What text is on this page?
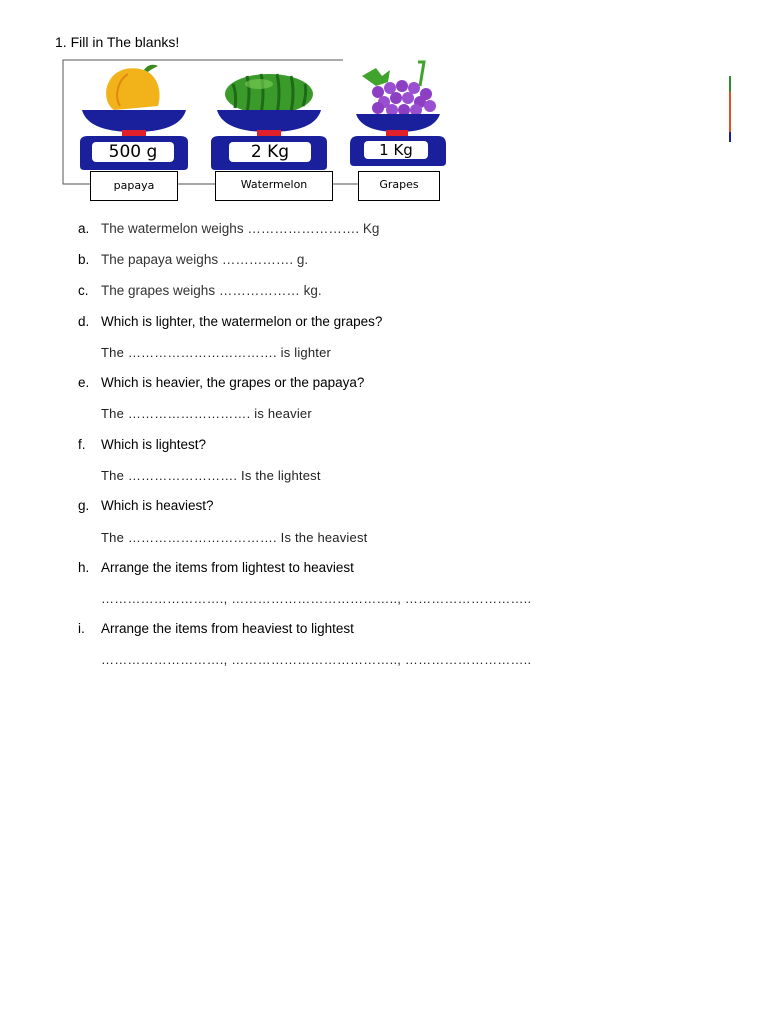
1. Fill in The blanks!
500 g	2 Kg	1 Kg
papaya	Watermelon	Grapes
a. The watermelon weighs ……………………. Kg
b. The papaya weighs ……………. g.
c. The grapes weighs ……………… kg.
d. Which is lighter, the watermelon or the grapes?
The ……………………………. is lighter
e. Which is heavier, the grapes or the papaya?
The ………………………. is heavier
f. Which is lightest?
The ……………………. Is the lightest
g. Which is heaviest?
The ……………………………. Is the heaviest
h. Arrange the items from lightest to heaviest
………………………., ……………………………….., ………………………..
i. Arrange the items from heaviest to lightest
………………………., ……………………………….., ………………………..
